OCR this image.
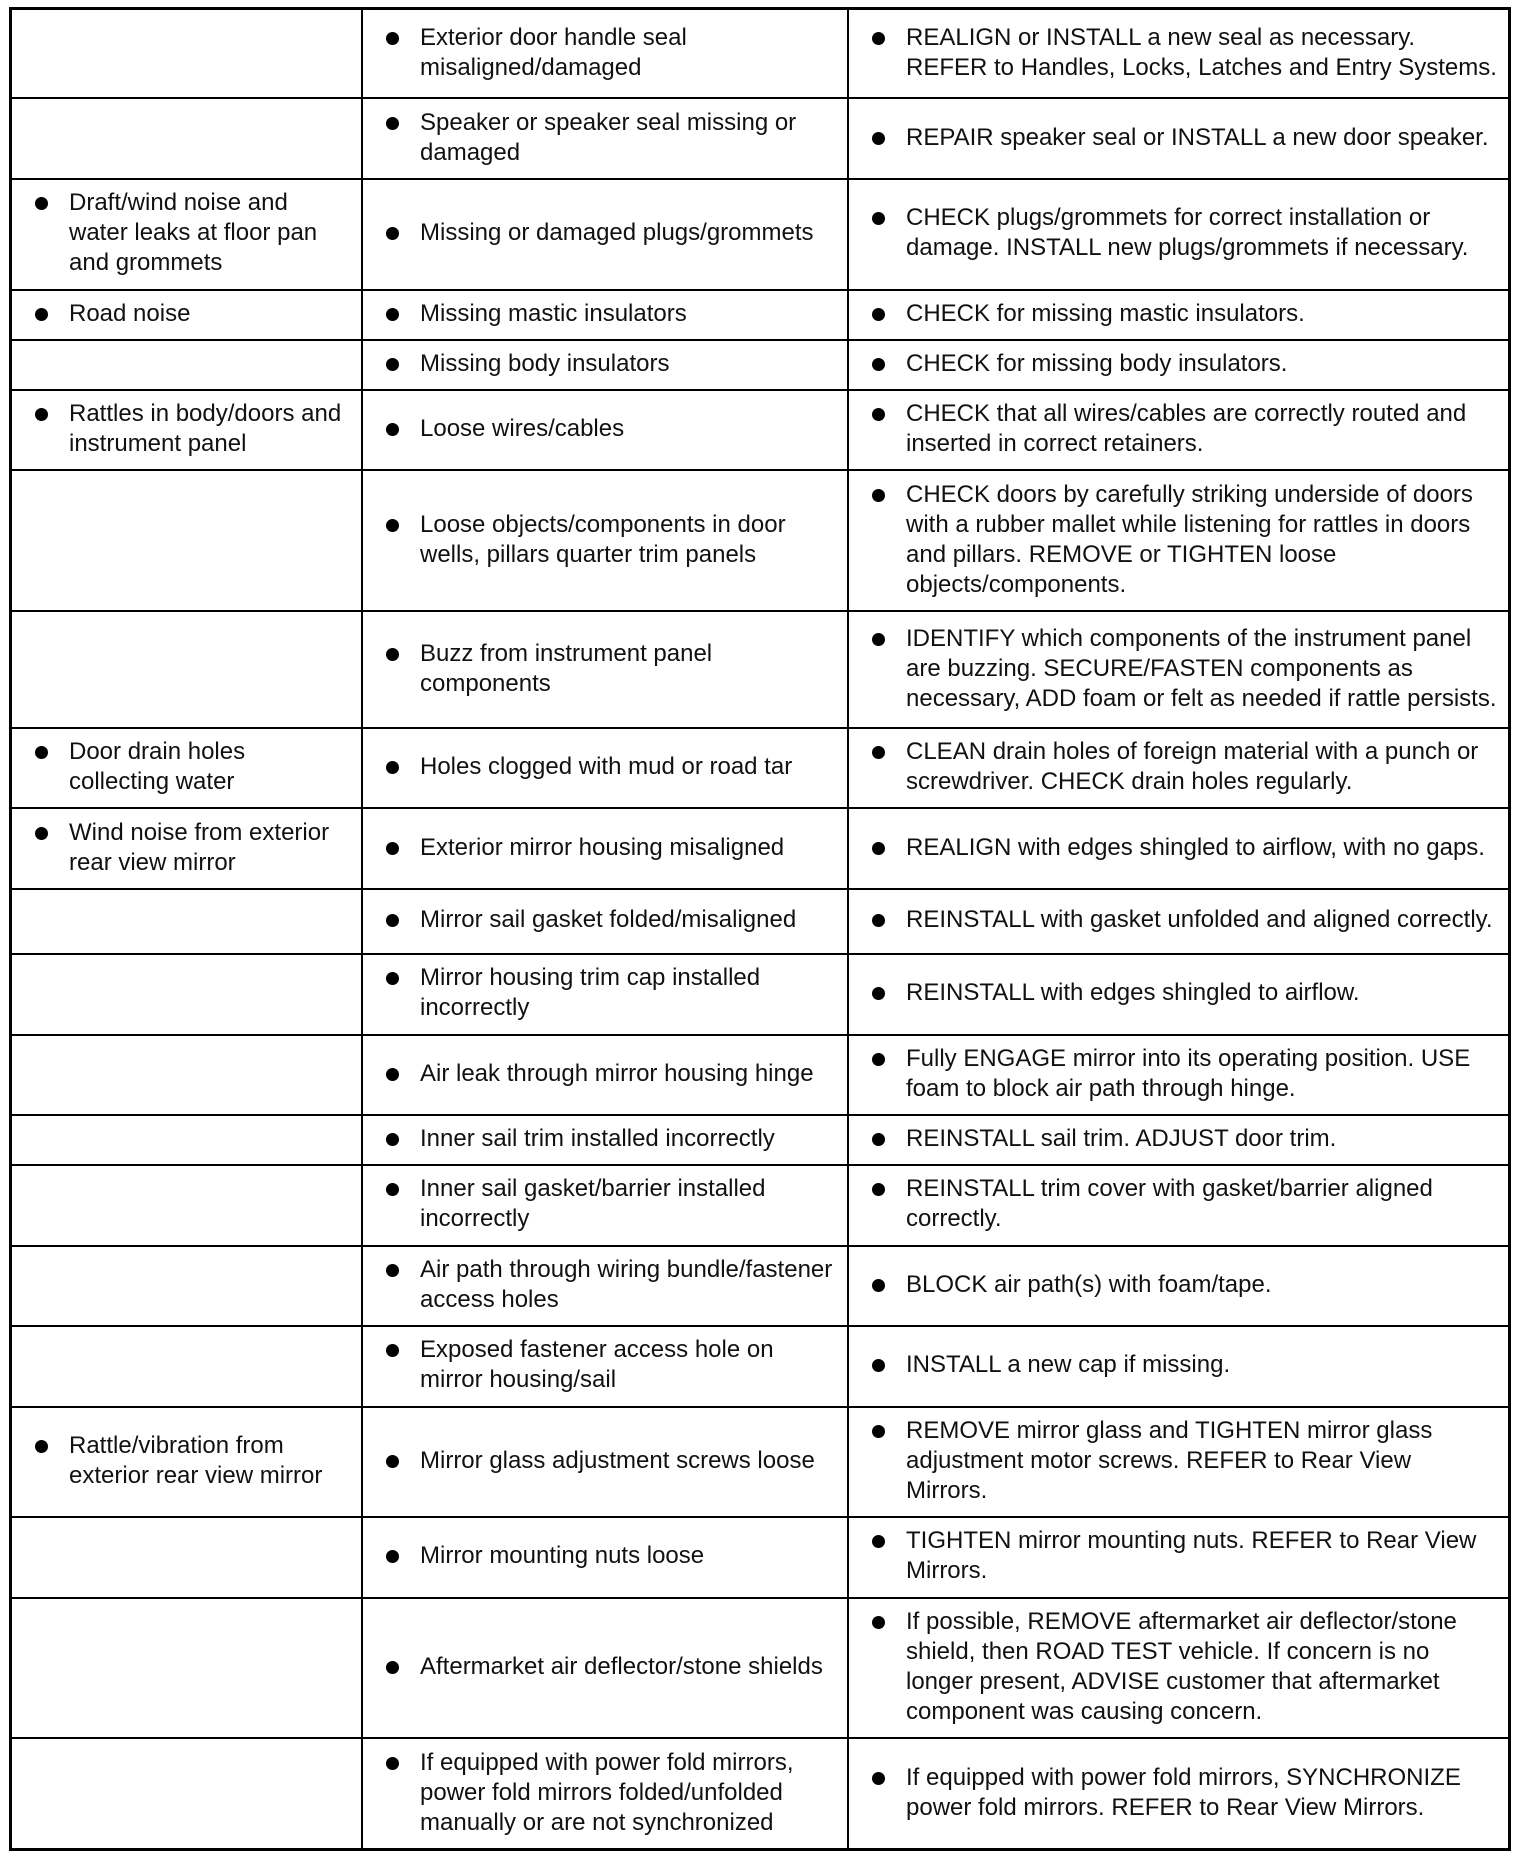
	Exterior door handle seal misaligned/damaged	REALIGN or INSTALL a new seal as necessary. REFER to Handles, Locks, Latches and Entry Systems.

	Speaker or speaker seal missing or damaged	REPAIR speaker seal or INSTALL a new door speaker.

Draft/wind noise and water leaks at floor pan and grommets	Missing or damaged plugs/grommets	CHECK plugs/grommets for correct installation or damage. INSTALL new plugs/grommets if necessary.

Road noise	Missing mastic insulators	CHECK for missing mastic insulators.

	Missing body insulators	CHECK for missing body insulators.

Rattles in body/doors and instrument panel	Loose wires/cables	CHECK that all wires/cables are correctly routed and inserted in correct retainers.

	Loose objects/components in door wells, pillars quarter trim panels	CHECK doors by carefully striking underside of doors with a rubber mallet while listening for rattles in doors and pillars. REMOVE or TIGHTEN loose objects/components.

	Buzz from instrument panel components	IDENTIFY which components of the instrument panel are buzzing. SECURE/FASTEN components as necessary, ADD foam or felt as needed if rattle persists.

Door drain holes collecting water	Holes clogged with mud or road tar	CLEAN drain holes of foreign material with a punch or screwdriver. CHECK drain holes regularly.

Wind noise from exterior rear view mirror	Exterior mirror housing misaligned	REALIGN with edges shingled to airflow, with no gaps.

	Mirror sail gasket folded/misaligned	REINSTALL with gasket unfolded and aligned correctly.

	Mirror housing trim cap installed incorrectly	REINSTALL with edges shingled to airflow.

	Air leak through mirror housing hinge	Fully ENGAGE mirror into its operating position. USE foam to block air path through hinge.

	Inner sail trim installed incorrectly	REINSTALL sail trim. ADJUST door trim.

	Inner sail gasket/barrier installed incorrectly	REINSTALL trim cover with gasket/barrier aligned correctly.

	Air path through wiring bundle/fastener access holes	BLOCK air path(s) with foam/tape.

	Exposed fastener access hole on mirror housing/sail	INSTALL a new cap if missing.

Rattle/vibration from exterior rear view mirror	Mirror glass adjustment screws loose	REMOVE mirror glass and TIGHTEN mirror glass adjustment motor screws. REFER to Rear View Mirrors.

	Mirror mounting nuts loose	TIGHTEN mirror mounting nuts. REFER to Rear View Mirrors.

	Aftermarket air deflector/stone shields	If possible, REMOVE aftermarket air deflector/stone shield, then ROAD TEST vehicle. If concern is no longer present, ADVISE customer that aftermarket component was causing concern.

	If equipped with power fold mirrors, power fold mirrors folded/unfolded manually or are not synchronized	If equipped with power fold mirrors, SYNCHRONIZE power fold mirrors. REFER to Rear View Mirrors.
